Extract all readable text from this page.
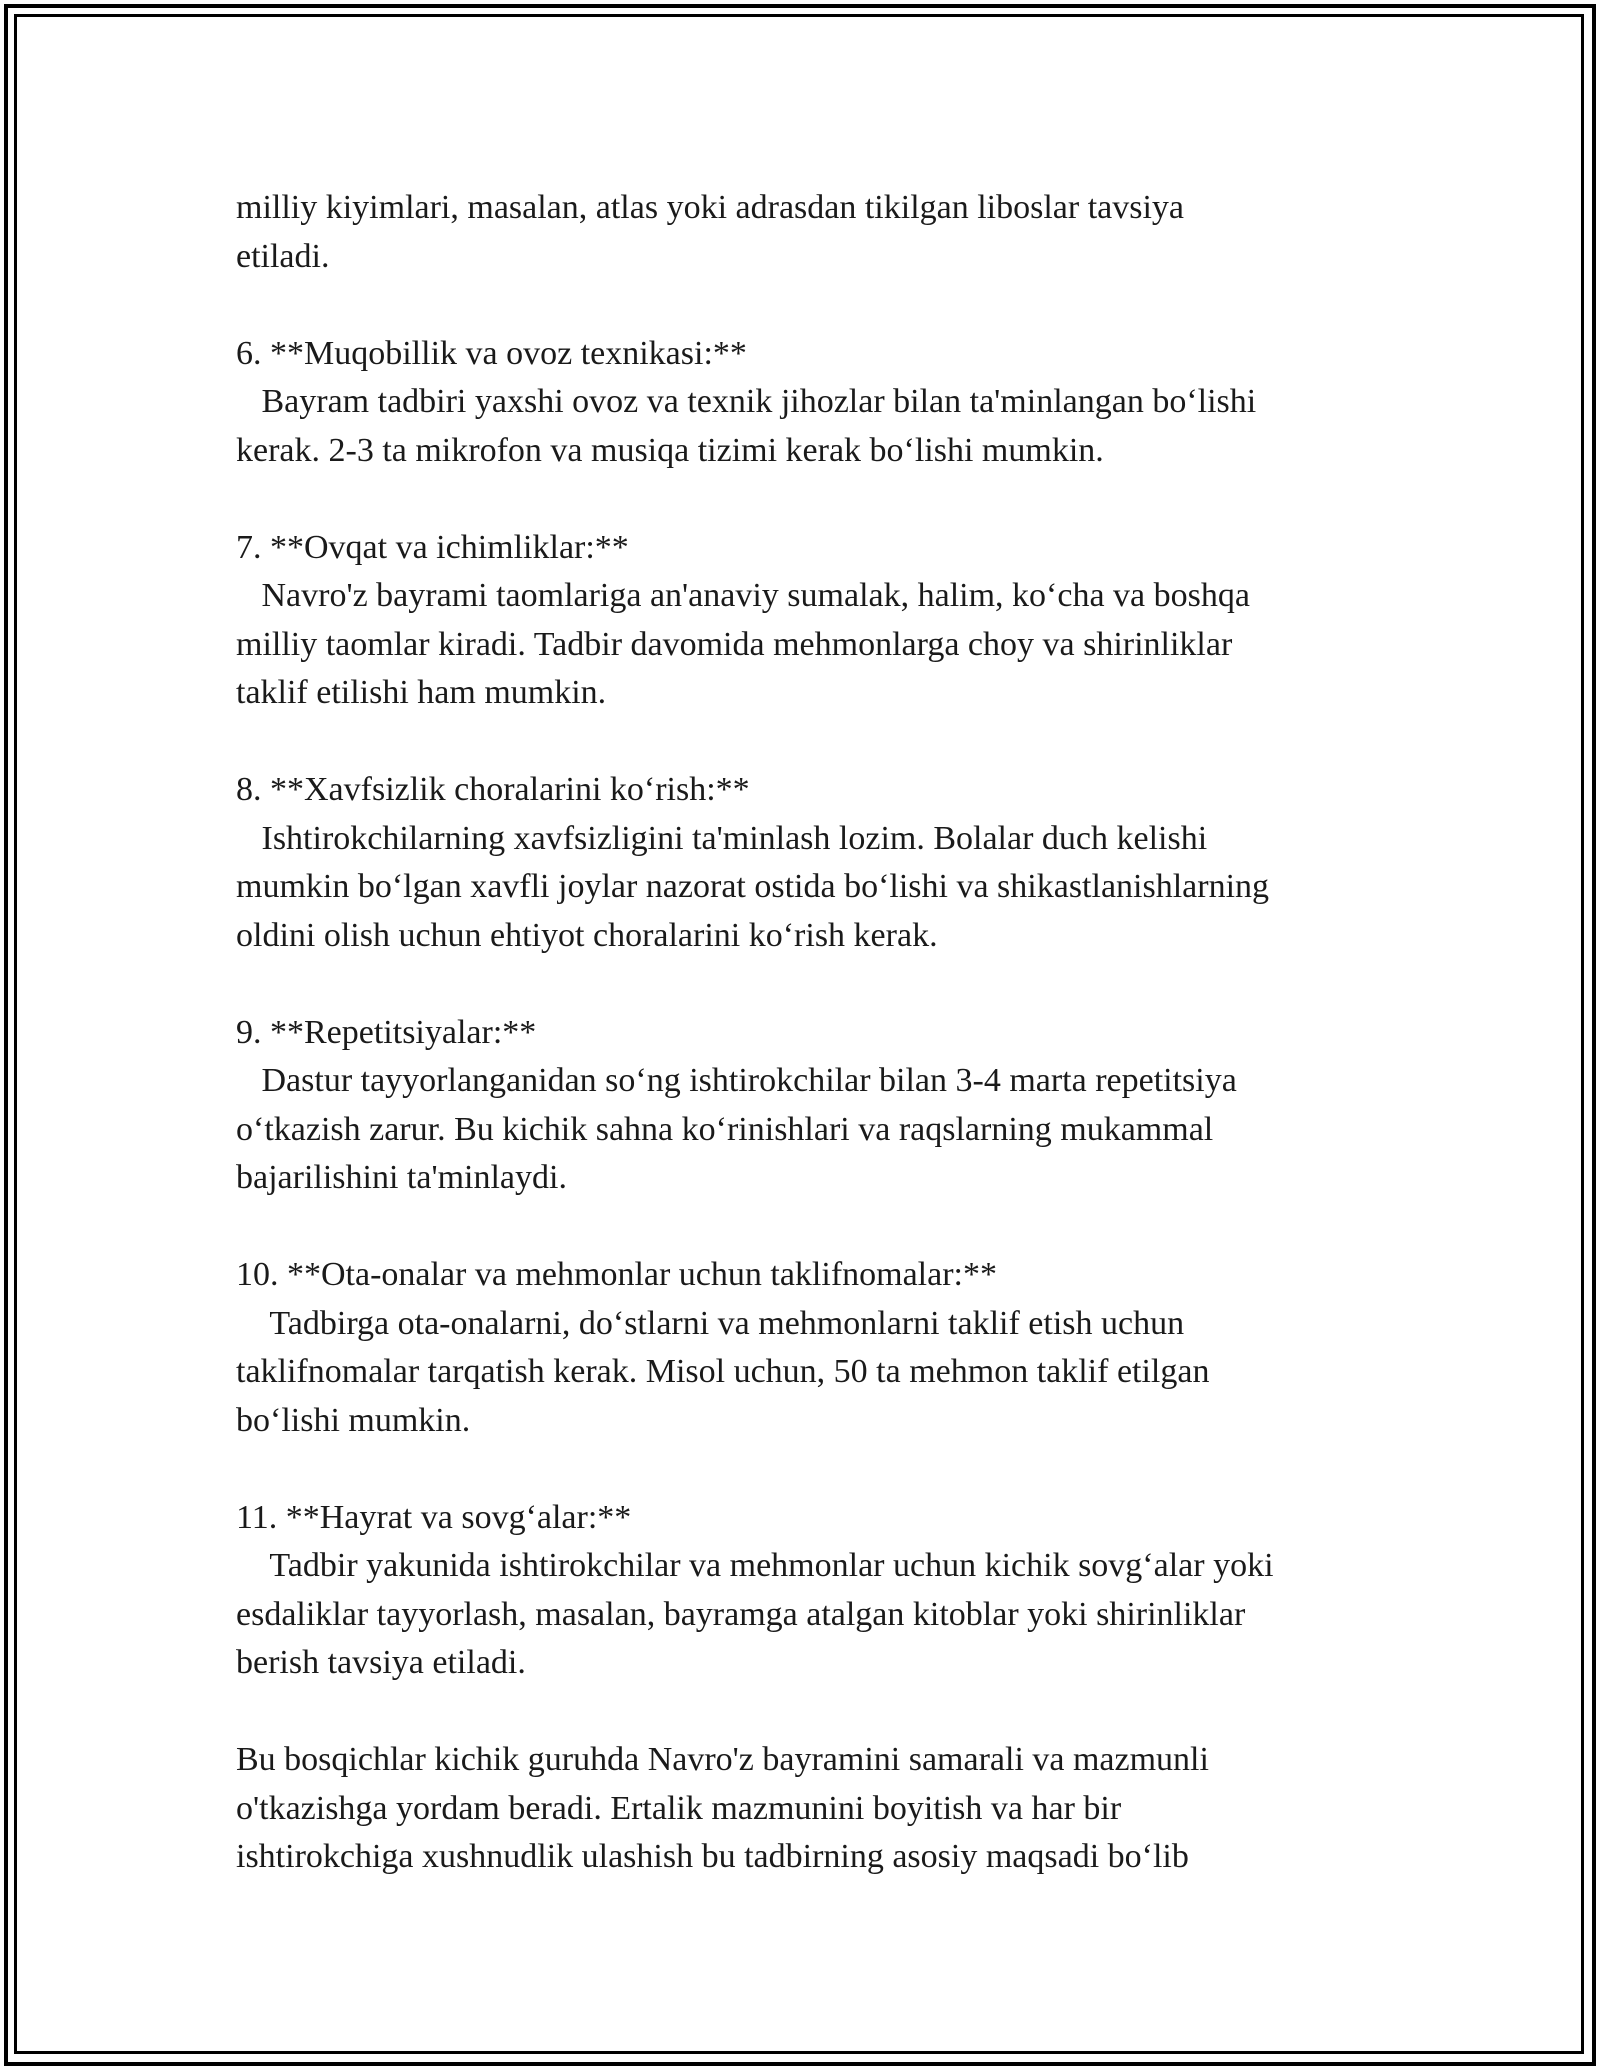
milliy kiyimlari, masalan, atlas yoki adrasdan tikilgan liboslar tavsiya
etiladi.
6. **Muqobillik va ovoz texnikasi:**
Bayram tadbiri yaxshi ovoz va texnik jihozlar bilan ta'minlangan bo‘lishi
kerak. 2-3 ta mikrofon va musiqa tizimi kerak bo‘lishi mumkin.
7. **Ovqat va ichimliklar:**
Navro'z bayrami taomlariga an'anaviy sumalak, halim, ko‘cha va boshqa
milliy taomlar kiradi. Tadbir davomida mehmonlarga choy va shirinliklar
taklif etilishi ham mumkin.
8. **Xavfsizlik choralarini ko‘rish:**
Ishtirokchilarning xavfsizligini ta'minlash lozim. Bolalar duch kelishi
mumkin bo‘lgan xavfli joylar nazorat ostida bo‘lishi va shikastlanishlarning
oldini olish uchun ehtiyot choralarini ko‘rish kerak.
9. **Repetitsiyalar:**
Dastur tayyorlanganidan so‘ng ishtirokchilar bilan 3-4 marta repetitsiya
o‘tkazish zarur. Bu kichik sahna ko‘rinishlari va raqslarning mukammal
bajarilishini ta'minlaydi.
10. **Ota-onalar va mehmonlar uchun taklifnomalar:**
Tadbirga ota-onalarni, do‘stlarni va mehmonlarni taklif etish uchun
taklifnomalar tarqatish kerak. Misol uchun, 50 ta mehmon taklif etilgan
bo‘lishi mumkin.
11. **Hayrat va sovg‘alar:**
Tadbir yakunida ishtirokchilar va mehmonlar uchun kichik sovg‘alar yoki
esdaliklar tayyorlash, masalan, bayramga atalgan kitoblar yoki shirinliklar
berish tavsiya etiladi.
Bu bosqichlar kichik guruhda Navro'z bayramini samarali va mazmunli
o'tkazishga yordam beradi. Ertalik mazmunini boyitish va har bir
ishtirokchiga xushnudlik ulashish bu tadbirning asosiy maqsadi bo‘lib
